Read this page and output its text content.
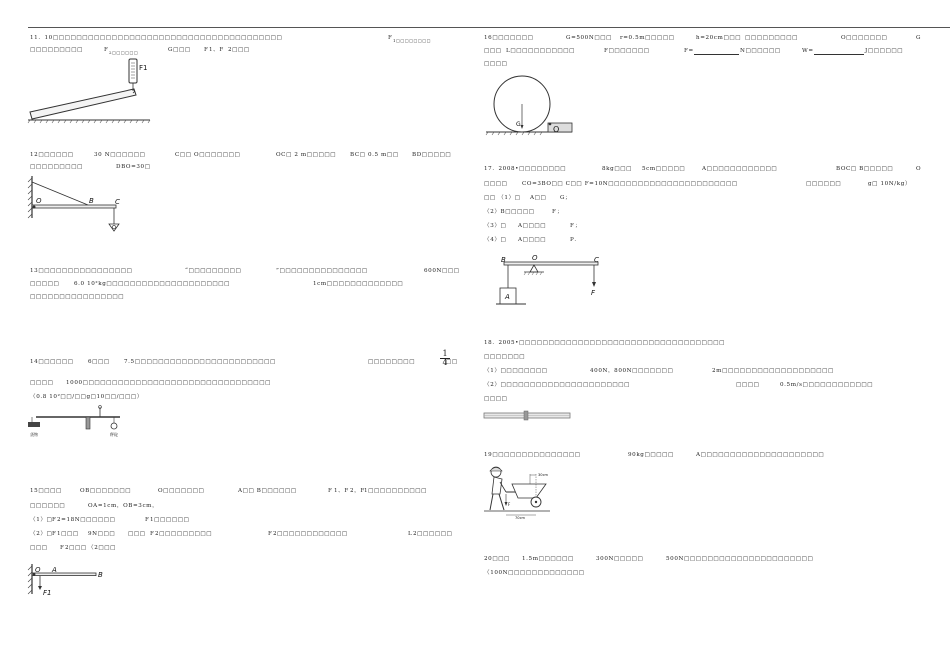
11．10□□□□□□□□□□□□□□□□□□□□□□□□□□□□□□□□□□□□□□□	F 1□□□□□□□□
□□□□□□□□□	F 2□□□□□□	G□□□ F 1、F 2□□□
F1
12□□□□□□	30 N□□□□□□	C□□ O□□□□□□□	OC□ 2 m□□□□□ BC□ 0.5 m□□ BD□□□□□
□□□□□□□□□	DBO=30□
O	B	C
13□□□□□□□□□□□□□□□□	“□□□□□□□□□	”□□□□□□□□□□□□□□□	600N□□□
□□□□□	6.0 10²kg□□□□□□□□□□□□□□□□□□□□□	1cm□□□□□□□□□□□□□
□□□□□□□□□□□□□□□□
14□□□□□□	6□□□	7.5□□□□□□□□□□□□□□□□□□□□□□□□	□□□□□□□□	□□
□□□□ 1000□□□□□□□□□□□□□□□□□□□□□□□□□□□□□□□□
（0.8 10²□□/□□g□10□□/□□□）
$\frac{1}{4}$
货物	秤砣
15□□□□	OB□□□□□□□	O□□□□□□□	A□□ B□□□□□□	F 1、F 2，F 1□□□□□□□□□□
□□□□□□	OA=1cm，OB=3cm，
（1）□ F 2=18N□□□□□□	F 1□□□□□□
（2）□ F 1□□□ 9N□□□ □□□ F 2□□□□□□□□□	F 2□□□□□□□□□□□□	L 2□□□□□□
□□□ F 2□□□ （2□□□
O A
B
F1
16□□□□□□□	G=500N□□□ r=0.5m□□□□□	h=20cm□□□ □□□□□□□□□	O□□□□□□□	G
□□□ L□□□□□□□□□□□	F□□□□□□□	F=	N□□□□□□	W=	J□□□□□□
□□□□
G
O
17．2008•□□□□□□□□	8kg□□□ 5cm□□□□□	A□□□□□□□□□□□□	BOC□ B□□□□□	O
□□□□	CO=3BO□□ C□□ F=10N□□□□□□□□□□□□□□□□□□□□□□	□□□□□□	g□ 10N/kg）
□□ （1）□ A□□ G ；
（2）B□□□□□	F ；
（3）□ A□□□□	F ；
（4）□ A□□□□	P．
B	O	C
A	F
18．2005•□□□□□□□□□□□□□□□□□□□□□□□□□□□□□□□□□□□
□□□□□□□
（1）□□□□□□□□	400N，800N□□□□□□□	2m□□□□□□□□□□□□□□□□□□□
（2）□□□□□□□□□□□□□□□□□□□□□□	□□□□	0.5m/s□□□□□□□□□□□□
□□□□
19□□□□□□□□□□□□□□□	90kg□□□□□	A□□□□□□□□□□□□□□□□□□□□□
30cm
70cm
F
20□□□ 1.5m□□□□□□	300N□□□□□	500N□□□□□□□□□□□□□□□□□□□□□□
（100N□□□□□□□□□□□□□
